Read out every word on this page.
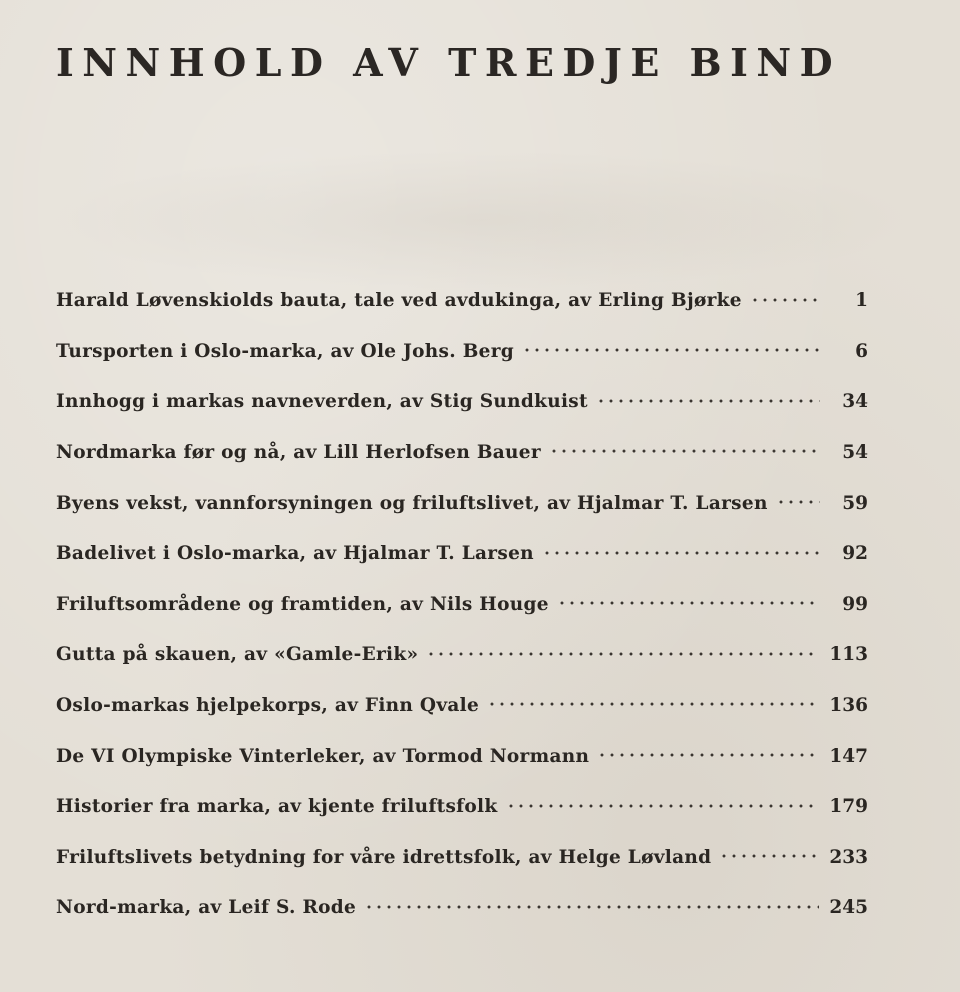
INNHOLD AV TREDJE BIND
Harald Løvenskiolds bauta, tale ved avdukinga, av Erling Bjørke	1
Tursporten i Oslo-marka, av Ole Johs. Berg	6
Innhogg i markas navneverden, av Stig Sundkuist	34
Nordmarka før og nå, av Lill Herlofsen Bauer	54
Byens vekst, vannforsyningen og friluftslivet, av Hjalmar T. Larsen	59
Badelivet i Oslo-marka, av Hjalmar T. Larsen	92
Friluftsområdene og framtiden, av Nils Houge	99
Gutta på skauen, av «Gamle-Erik»	113
Oslo-markas hjelpekorps, av Finn Qvale	136
De VI Olympiske Vinterleker, av Tormod Normann	147
Historier fra marka, av kjente friluftsfolk	179
Friluftslivets betydning for våre idrettsfolk, av Helge Løvland	233
Nord-marka, av Leif S. Rode	245
